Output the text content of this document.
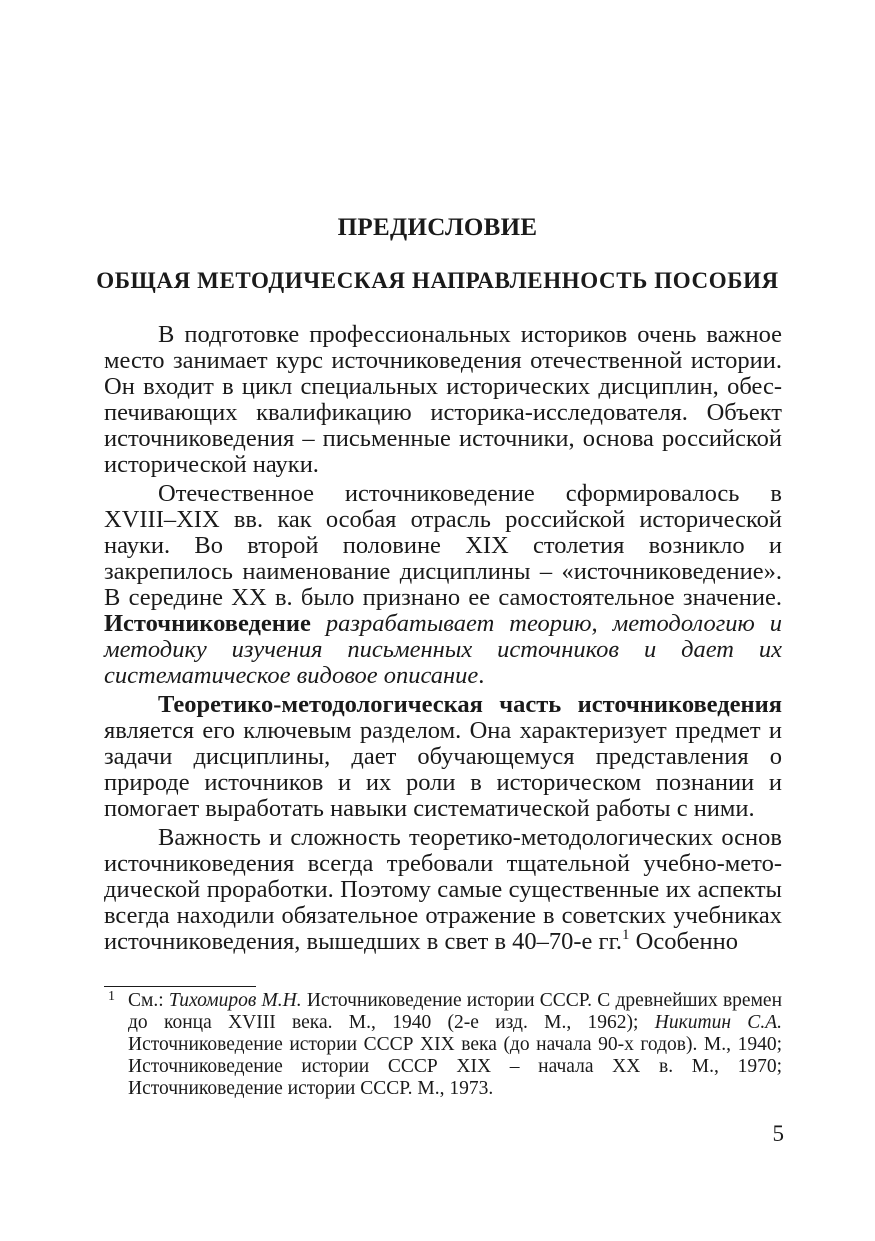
ПРЕДИСЛОВИЕ
ОБЩАЯ МЕТОДИЧЕСКАЯ НАПРАВЛЕННОСТЬ ПОСОБИЯ

В подготовке профессиональных историков очень важное место занимает курс источниковедения отечественной истории. Он входит в цикл специальных исторических дисциплин, обеспечивающих квалификацию историка-исследователя. Объект источниковедения – письменные источники, основа российской исторической науки.

Отечественное источниковедение сформировалось в XVIII–XIX вв. как особая отрасль российской исторической науки. Во второй половине XIX столетия возникло и закрепилось наименование дисциплины – «источниковедение». В середине XX в. было признано ее самостоятельное значение. Источниковедение разрабатывает теорию, методологию и методику изучения письменных источников и дает их систематическое видовое описание.

Теоретико-методологическая часть источниковедения является его ключевым разделом. Она характеризует предмет и задачи дисциплины, дает обучающемуся представления о природе источников и их роли в историческом познании и помогает выработать навыки систематической работы с ними.

Важность и сложность теоретико-методологических основ источниковедения всегда требовали тщательной учебно-методической проработки. Поэтому самые существенные их аспекты всегда находили обязательное отражение в советских учебниках источниковедения, вышедших в свет в 40–70-е гг.$^1$ Особенно

1 См.: Тихомиров М.Н. Источниковедение истории СССР. С древнейших времен до конца XVIII века. М., 1940 (2-е изд. М., 1962); Никитин С.А. Источниковедение истории СССР XIX века (до начала 90-х годов). М., 1940; Источниковедение истории СССР XIX – начала XX в. М., 1970; Источниковедение истории СССР. М., 1973.

5
